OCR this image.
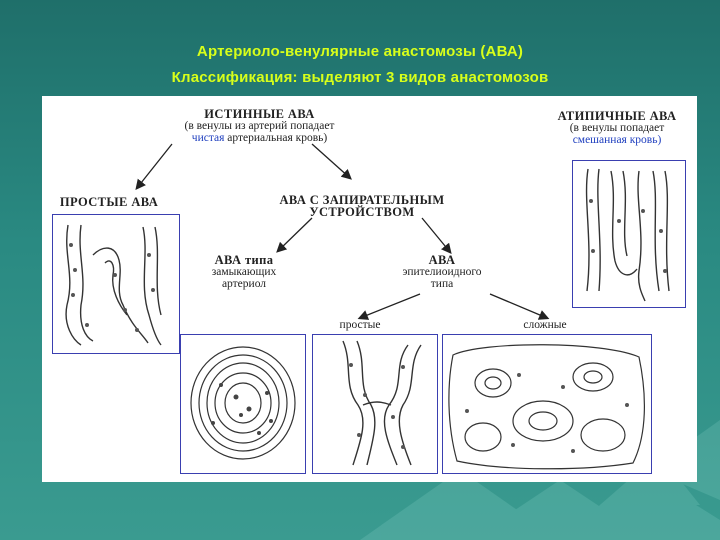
Артериоло-венулярные анастомозы (АВА)
Классификация: выделяют 3 видов анастомозов
ИСТИННЫЕ АВА
(в венулы из артерий попадает
чистая артериальная кровь)
АТИПИЧНЫЕ АВА
(в венулы попадает
смешанная кровь)
ПРОСТЫЕ АВА	АВА С ЗАПИРАТЕЛЬНЫМ
УСТРОЙСТВОМ
АВА типа
замыкающих
артериол
АВА
эпителиоидного
типа
простые	сложные
